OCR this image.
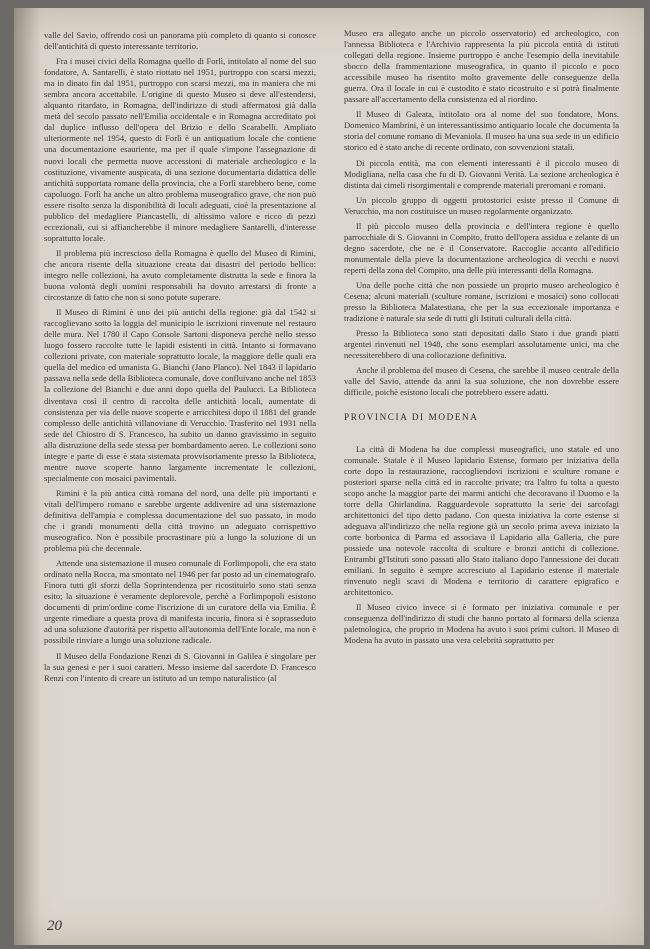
valle del Savio, offrendo così un panorama più completo di quanto si conosce dell'antichità di questo interessante territorio.

Fra i musei civici della Romagna quello di Forlì, intitolato al nome del suo fondatore, A. Santarelli, è stato riottato nel 1951, purtroppo con scarsi mezzi, ma in dinato fin dal 1951, purtroppo con scarsi mezzi, ma in maniera che mi sembra ancora accettabile. L'origine di questo Museo si deve all'estendersi, alquanto ritardato, in Romagna, dell'indirizzo di studi affermatosi già dalla metà del secolo passato nell'Emilia occidentale e in Romagna accreditato poi dal duplice influsso dell'opera del Brizio e dello Scarabelli. Ampliato ulteriormente nel 1954, questo di Forlì è un antiquatium locale che contiene una documentazione esauriente, ma per il quale s'impone l'assegnazione di nuovi locali che permetta nuove accessioni di materiale archeologico e la costituzione, vivamente auspicata, di una sezione documentaria didattica delle antichità supportata romane della provincia, che a Forlì starebbero bene, come capoluogo. Forlì ha anche un altro problema museografico grave, che non può essere risolto senza la disponibilità di locali adeguati, cioè la presentazione al pubblico del medagliere Piancastelli, di altissimo valore e ricco di pezzi eccezionali, cui si affiancherebbe il minore medagliere Santarelli, d'interesse soprattutto locale.

Il problema più increscioso della Romagna è quello del Museo di Rimini, che ancora risente della situazione creata dai disastri del periodo bellico: integro nelle collezioni, ha avuto completamente distrutta la sede e finora la buona volontà degli uomini responsabili ha dovuto arrestarsi di fronte a circostanze di fatto che non si sono potute superare.

Il Museo di Rimini è uno dei più antichi della regione: già dal 1542 si raccoglievano sotto la loggia del municipio le iscrizioni rinvenute nel restauro delle mura. Nel 1780 il Capo Console Sartoni disponeva perchè nello stesso luogo fossero raccolte tutte le lapidi esistenti in città. Intanto si formavano collezioni private, con materiale soprattutto locale, la maggiore delle quali era quella del medico ed umanista G. Bianchi (Jano Planco). Nel 1843 il lapidario passava nella sede della Biblioteca comunale, dove confluivano anche nel 1853 la collezione del Bianchi e due anni dopo quella del Paulucci. La Biblioteca diventava così il centro di raccolta delle antichità locali, aumentate di consistenza per via delle nuove scoperte e arricchitesi dopo il 1881 del grande complesso delle antichità villanoviane di Verucchio. Trasferito nel 1931 nella sede del Chiostro di S. Francesco, ha subito un danno gravissimo in seguito alla distruzione della sede stessa per bombardamento aereo. Le collezioni sono integre e parte di esse è stata sistemata provvisoriamente presso la Biblioteca, mentre nuove scoperte hanno largamente incrementate le collezioni, specialmente con mosaici pavimentali.

Rimini è la più antica città romana del nord, una delle più importanti e vitali dell'impero romano e sarebbe urgente addivenire ad una sistemazione definitiva dell'ampia e complessa documentazione del suo passato, in modo che i grandi monumenti della città trovino un adeguato corrispettivo museografico. Non è possibile procrastinare più a lungo la soluzione di un problema più che decennale.

Attende una sistemazione il museo comunale di Forlimpopoli, che era stato ordinato nella Rocca, ma smontato nel 1946 per far posto ad un cinematografo. Finora tutti gli sforzi della Soprintendenza per ricostituirlo sono stati senza esito; la situazione è veramente deplorevole, perchè a Forlimpopoli esistono documenti di prim'ordine come l'iscrizione di un curatore della via Emilia. È urgente rimediare a questa prova di manifesta incuria, finora si è soprasseduto ad una soluzione d'autorità per rispetto all'autonomia dell'Ente locale, ma non è possibile rinviare a lungo una soluzione radicale.

Il Museo della Fondazione Renzi di S. Giovanni in Galilea è singolare per la sua genesi e per i suoi caratteri. Messo insieme dal sacerdote D. Francesco Renzi con l'intento di creare un istituto ad un tempo naturalistico (al

Museo era allegato anche un piccolo osservatorio) ed archeologico, con l'annessa Biblioteca e l'Archivio rappresenta la più piccola entità di istituti collegati della regione. Insieme purtroppo è anche l'esempio della inevitabile sbocco della frammentazione museografica, in quanto il piccolo e poco accessibile museo ha risentito molto gravemente delle conseguenze della guerra. Ora il locale in cui è custodito è stato ricostruito e si potrà finalmente passare all'accertamento della consistenza ed al riordino.

Il Museo di Galeata, intitolato ora al nome del suo fondatore, Mons. Domenico Mambrini, è un interessantissimo antiquario locale che documenta la storia del comune romano di Mevaniola. Il museo ha una sua sede in un edificio storico ed è stato anche di recente ordinato, con sovvenzioni statali.

Di piccola entità, ma con elementi interessanti è il piccolo museo di Modigliana, nella casa che fu di D. Giovanni Verità. La sezione archeologica è distinta dai cimeli risorgimentali e comprende materiali preromani e romani.

Un piccolo gruppo di oggetti protostorici esiste presso il Comune di Verucchio, ma non costituisce un museo regolarmente organizzato.

Il più piccolo museo della provincia e dell'intera regione è quello parrocchiale di S. Giovanni in Compito, frutto dell'opera assidua e zelante di un degno sacerdote, che ne è il Conservatore. Raccoglie accanto all'edificio monumentale della pieve la documentazione archeologica di vecchi e nuovi reperti della zona del Compito, una delle più interessanti della Romagna.

Una delle poche città che non possiede un proprio museo archeologico è Cesena; alcuni materiali (sculture romane, iscrizioni e mosaici) sono collocati presso la Biblioteca Malatestiana, che per la sua eccezionale importanza e tradizione è naturale sia sede di tutti gli Istituti culturali della città.

Presso la Biblioteca sono stati depositati dallo Stato i due grandi piatti argentei rinvenuti nel 1948, che sono esemplari assolutamente unici, ma che necessiterebbero di una collocazione definitiva.

Anche il problema del museo di Cesena, che sarebbe il museo centrale della valle del Savio, attende da anni la sua soluzione, che non dovrebbe essere difficile, poichè esistono locali che potrebbero essere adatti.

PROVINCIA DI MODENA

La città di Modena ha due complessi museografici, uno statale ed uno comunale. Statale è il Museo lapidario Estense, formato per iniziativa della corte dopo la restaurazione, raccogliendovi iscrizioni e sculture romane e posteriori sparse nella città ed in raccolte private; tra l'altro fu tolta a questo scopo anche la maggior parte dei marmi antichi che decoravano il Duomo e la torre della Ghirlandina. Ragguardevole soprattutto la serie dei sarcofagi architettonici del tipo detto padano. Con questa iniziativa la corte estense si adeguava all'indirizzo che nella regione già un secolo prima aveva iniziato la corte borbonica di Parma ed associava il Lapidario alla Galleria, che pure possiede una notevole raccolta di sculture e bronzi antichi di collezione. Entrambi gl'Istituti sono passati allo Stato italiano dopo l'annessione dei ducati emiliani. In seguito è sempre accresciuto al Lapidario estense il materiale rinvenuto negli scavi di Modena e territorio di carattere epigrafico e architettonico.

Il Museo civico invece si è formato per iniziativa comunale e per conseguenza dell'indirizzo di studi che hanno portato al formarsi della scienza paletnologica, che proprio in Modena ha avuto i suoi primi cultori. Il Museo di Modena ha avuto in passato una vera celebrità soprattutto per

20
